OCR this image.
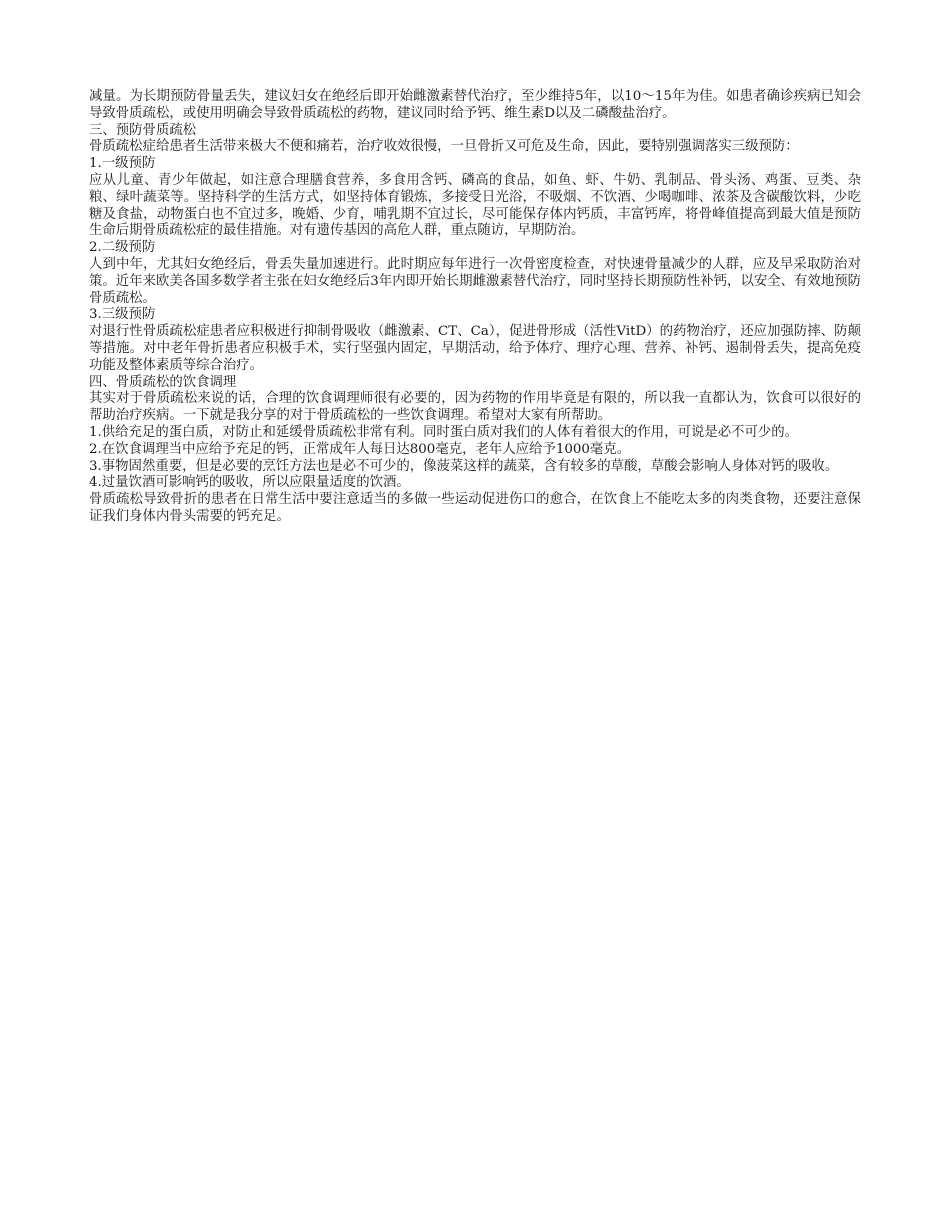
减量。为长期预防骨量丢失，建议妇女在绝经后即开始雌激素替代治疗，至少维持5年，以10～15年为佳。如患者确诊疾病已知会导致骨质疏松，或使用明确会导致骨质疏松的药物，建议同时给予钙、维生素D以及二磷酸盐治疗。

三、预防骨质疏松

骨质疏松症给患者生活带来极大不便和痛若，治疗收效很慢，一旦骨折又可危及生命，因此，要特别强调落实三级预防：

1.一级预防

应从儿童、青少年做起，如注意合理膳食营养，多食用含钙、磷高的食品，如鱼、虾、牛奶、乳制品、骨头汤、鸡蛋、豆类、杂粮、绿叶蔬菜等。坚持科学的生活方式，如坚持体育锻炼，多接受日光浴，不吸烟、不饮酒、少喝咖啡、浓茶及含碳酸饮料，少吃糖及食盐，动物蛋白也不宜过多，晚婚、少育，哺乳期不宜过长，尽可能保存体内钙质，丰富钙库，将骨峰值提高到最大值是预防生命后期骨质疏松症的最佳措施。对有遗传基因的高危人群，重点随访，早期防治。

2.二级预防

人到中年，尤其妇女绝经后，骨丢失量加速进行。此时期应每年进行一次骨密度检查，对快速骨量减少的人群，应及早采取防治对策。近年来欧美各国多数学者主张在妇女绝经后3年内即开始长期雌激素替代治疗，同时坚持长期预防性补钙，以安全、有效地预防骨质疏松。

3.三级预防

对退行性骨质疏松症患者应积极进行抑制骨吸收（雌激素、CT、Ca），促进骨形成（活性VitD）的药物治疗，还应加强防摔、防颠等措施。对中老年骨折患者应积极手术，实行坚强内固定，早期活动，给予体疗、理疗心理、营养、补钙、遏制骨丢失，提高免疫功能及整体素质等综合治疗。

四、骨质疏松的饮食调理

其实对于骨质疏松来说的话，合理的饮食调理师很有必要的，因为药物的作用毕竟是有限的，所以我一直都认为，饮食可以很好的帮助治疗疾病。一下就是我分享的对于骨质疏松的一些饮食调理。希望对大家有所帮助。

1.供给充足的蛋白质，对防止和延缓骨质疏松非常有利。同时蛋白质对我们的人体有着很大的作用，可说是必不可少的。

2.在饮食调理当中应给予充足的钙，正常成年人每日达800毫克，老年人应给予1000毫克。

3.事物固然重要，但是必要的烹饪方法也是必不可少的，像菠菜这样的蔬菜，含有较多的草酸，草酸会影响人身体对钙的吸收。

4.过量饮酒可影响钙的吸收，所以应限量适度的饮酒。

骨质疏松导致骨折的患者在日常生活中要注意适当的多做一些运动促进伤口的愈合，在饮食上不能吃太多的肉类食物，还要注意保证我们身体内骨头需要的钙充足。
